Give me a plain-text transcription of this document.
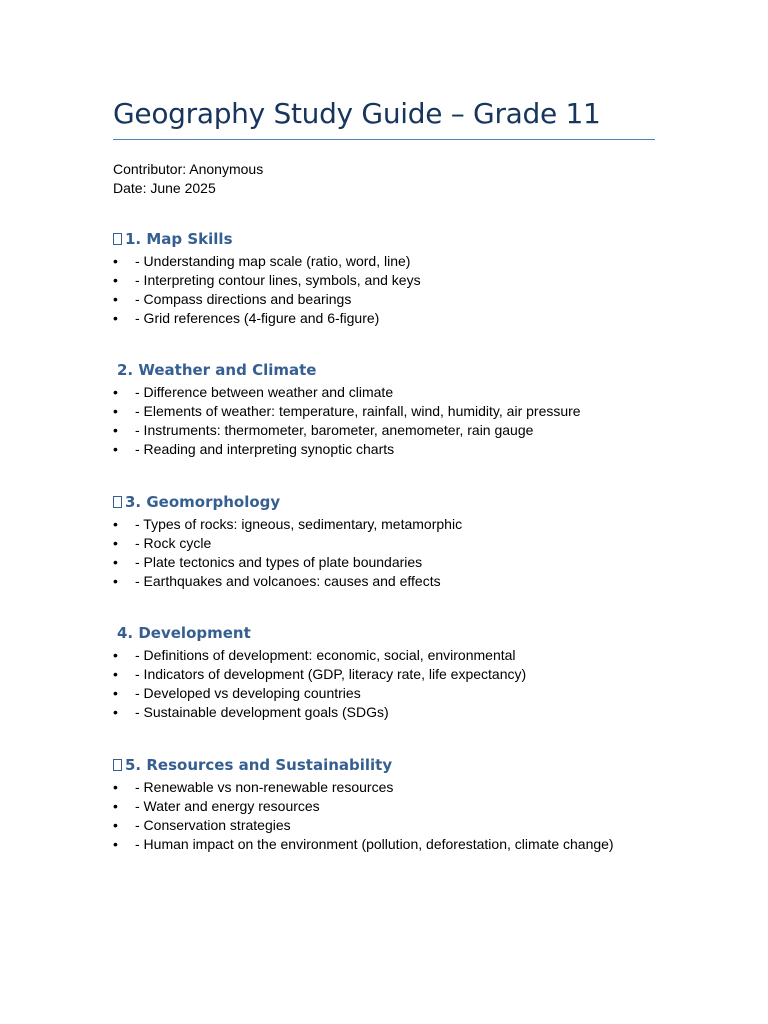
Geography Study Guide – Grade 11
Contributor: Anonymous
Date: June 2025
1. Map Skills
• - Understanding map scale (ratio, word, line)
• - Interpreting contour lines, symbols, and keys
• - Compass directions and bearings
• - Grid references (4-figure and 6-figure)
2. Weather and Climate
• - Difference between weather and climate
• - Elements of weather: temperature, rainfall, wind, humidity, air pressure
• - Instruments: thermometer, barometer, anemometer, rain gauge
• - Reading and interpreting synoptic charts
3. Geomorphology
• - Types of rocks: igneous, sedimentary, metamorphic
• - Rock cycle
• - Plate tectonics and types of plate boundaries
• - Earthquakes and volcanoes: causes and effects
4. Development
• - Definitions of development: economic, social, environmental
• - Indicators of development (GDP, literacy rate, life expectancy)
• - Developed vs developing countries
• - Sustainable development goals (SDGs)
5. Resources and Sustainability
• - Renewable vs non-renewable resources
• - Water and energy resources
• - Conservation strategies
• - Human impact on the environment (pollution, deforestation, climate change)
